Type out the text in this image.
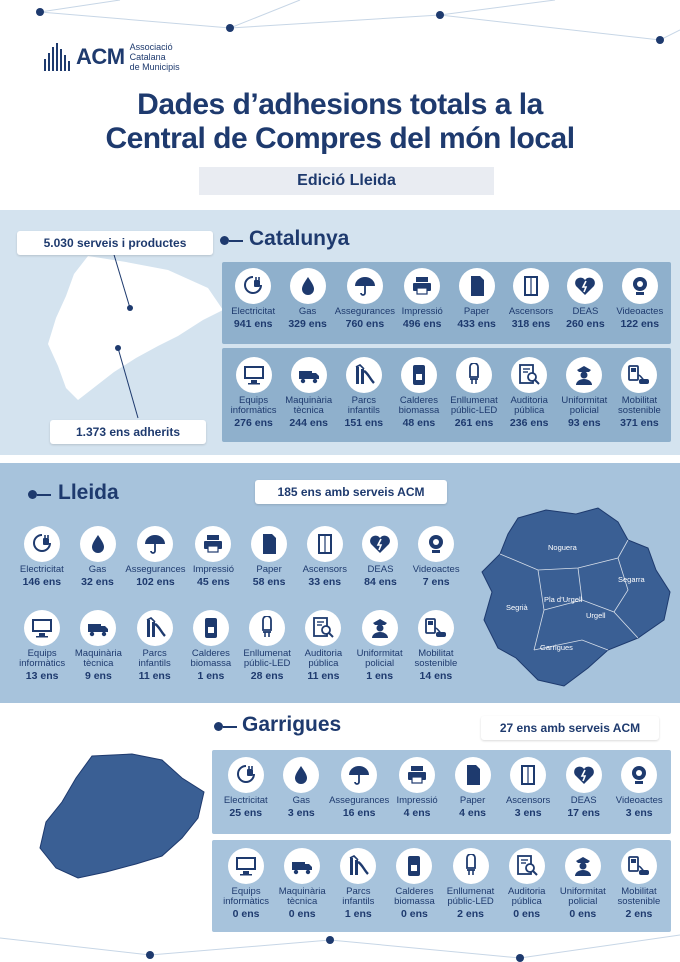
ACM Associació
Catalana
de Municipis
Dades d’adhesions totals a la
Central de Compres del món local
Edició Lleida
5.030 serveis i productes
1.373 ens adherits
Catalunya
Electricitat
941 ens
Gas
329 ens
Assegurances
760 ens
Impressió
496 ens
Paper
433 ens
Ascensors
318 ens
DEAS
260 ens
Videoactes
122 ens
Equips informàtics
276 ens
Maquinària tècnica
244 ens
Parcs infantils
151 ens
Calderes biomassa
48 ens
Enllumenat públic-LED
261 ens
Auditoria pública
236 ens
Uniformitat policial
93 ens
Mobilitat sostenible
371 ens
Lleida	185 ens amb serveis ACM
Electricitat
146 ens
Gas
32 ens
Assegurances
102 ens
Impressió
45 ens
Paper
58 ens
Ascensors
33 ens
DEAS
84 ens
Videoactes
7 ens
Equips informàtics
13 ens
Maquinària tècnica
9 ens
Parcs infantils
11 ens
Calderes biomassa
1 ens
Enllumenat públic-LED
28 ens
Auditoria pública
11 ens
Uniformitat policial
1 ens
Mobilitat sostenible
14 ens
Noguera
Segarra
Pla d’Urgell
Segrià
Urgell
Garrigues
Garrigues	27 ens amb serveis ACM
Electricitat
25 ens
Gas
3 ens
Assegurances
16 ens
Impressió
4 ens
Paper
4 ens
Ascensors
3 ens
DEAS
17 ens
Videoactes
3 ens
Equips informàtics
0 ens
Maquinària tècnica
0 ens
Parcs infantils
1 ens
Calderes biomassa
0 ens
Enllumenat públic-LED
2 ens
Auditoria pública
0 ens
Uniformitat policial
0 ens
Mobilitat sostenible
2 ens
